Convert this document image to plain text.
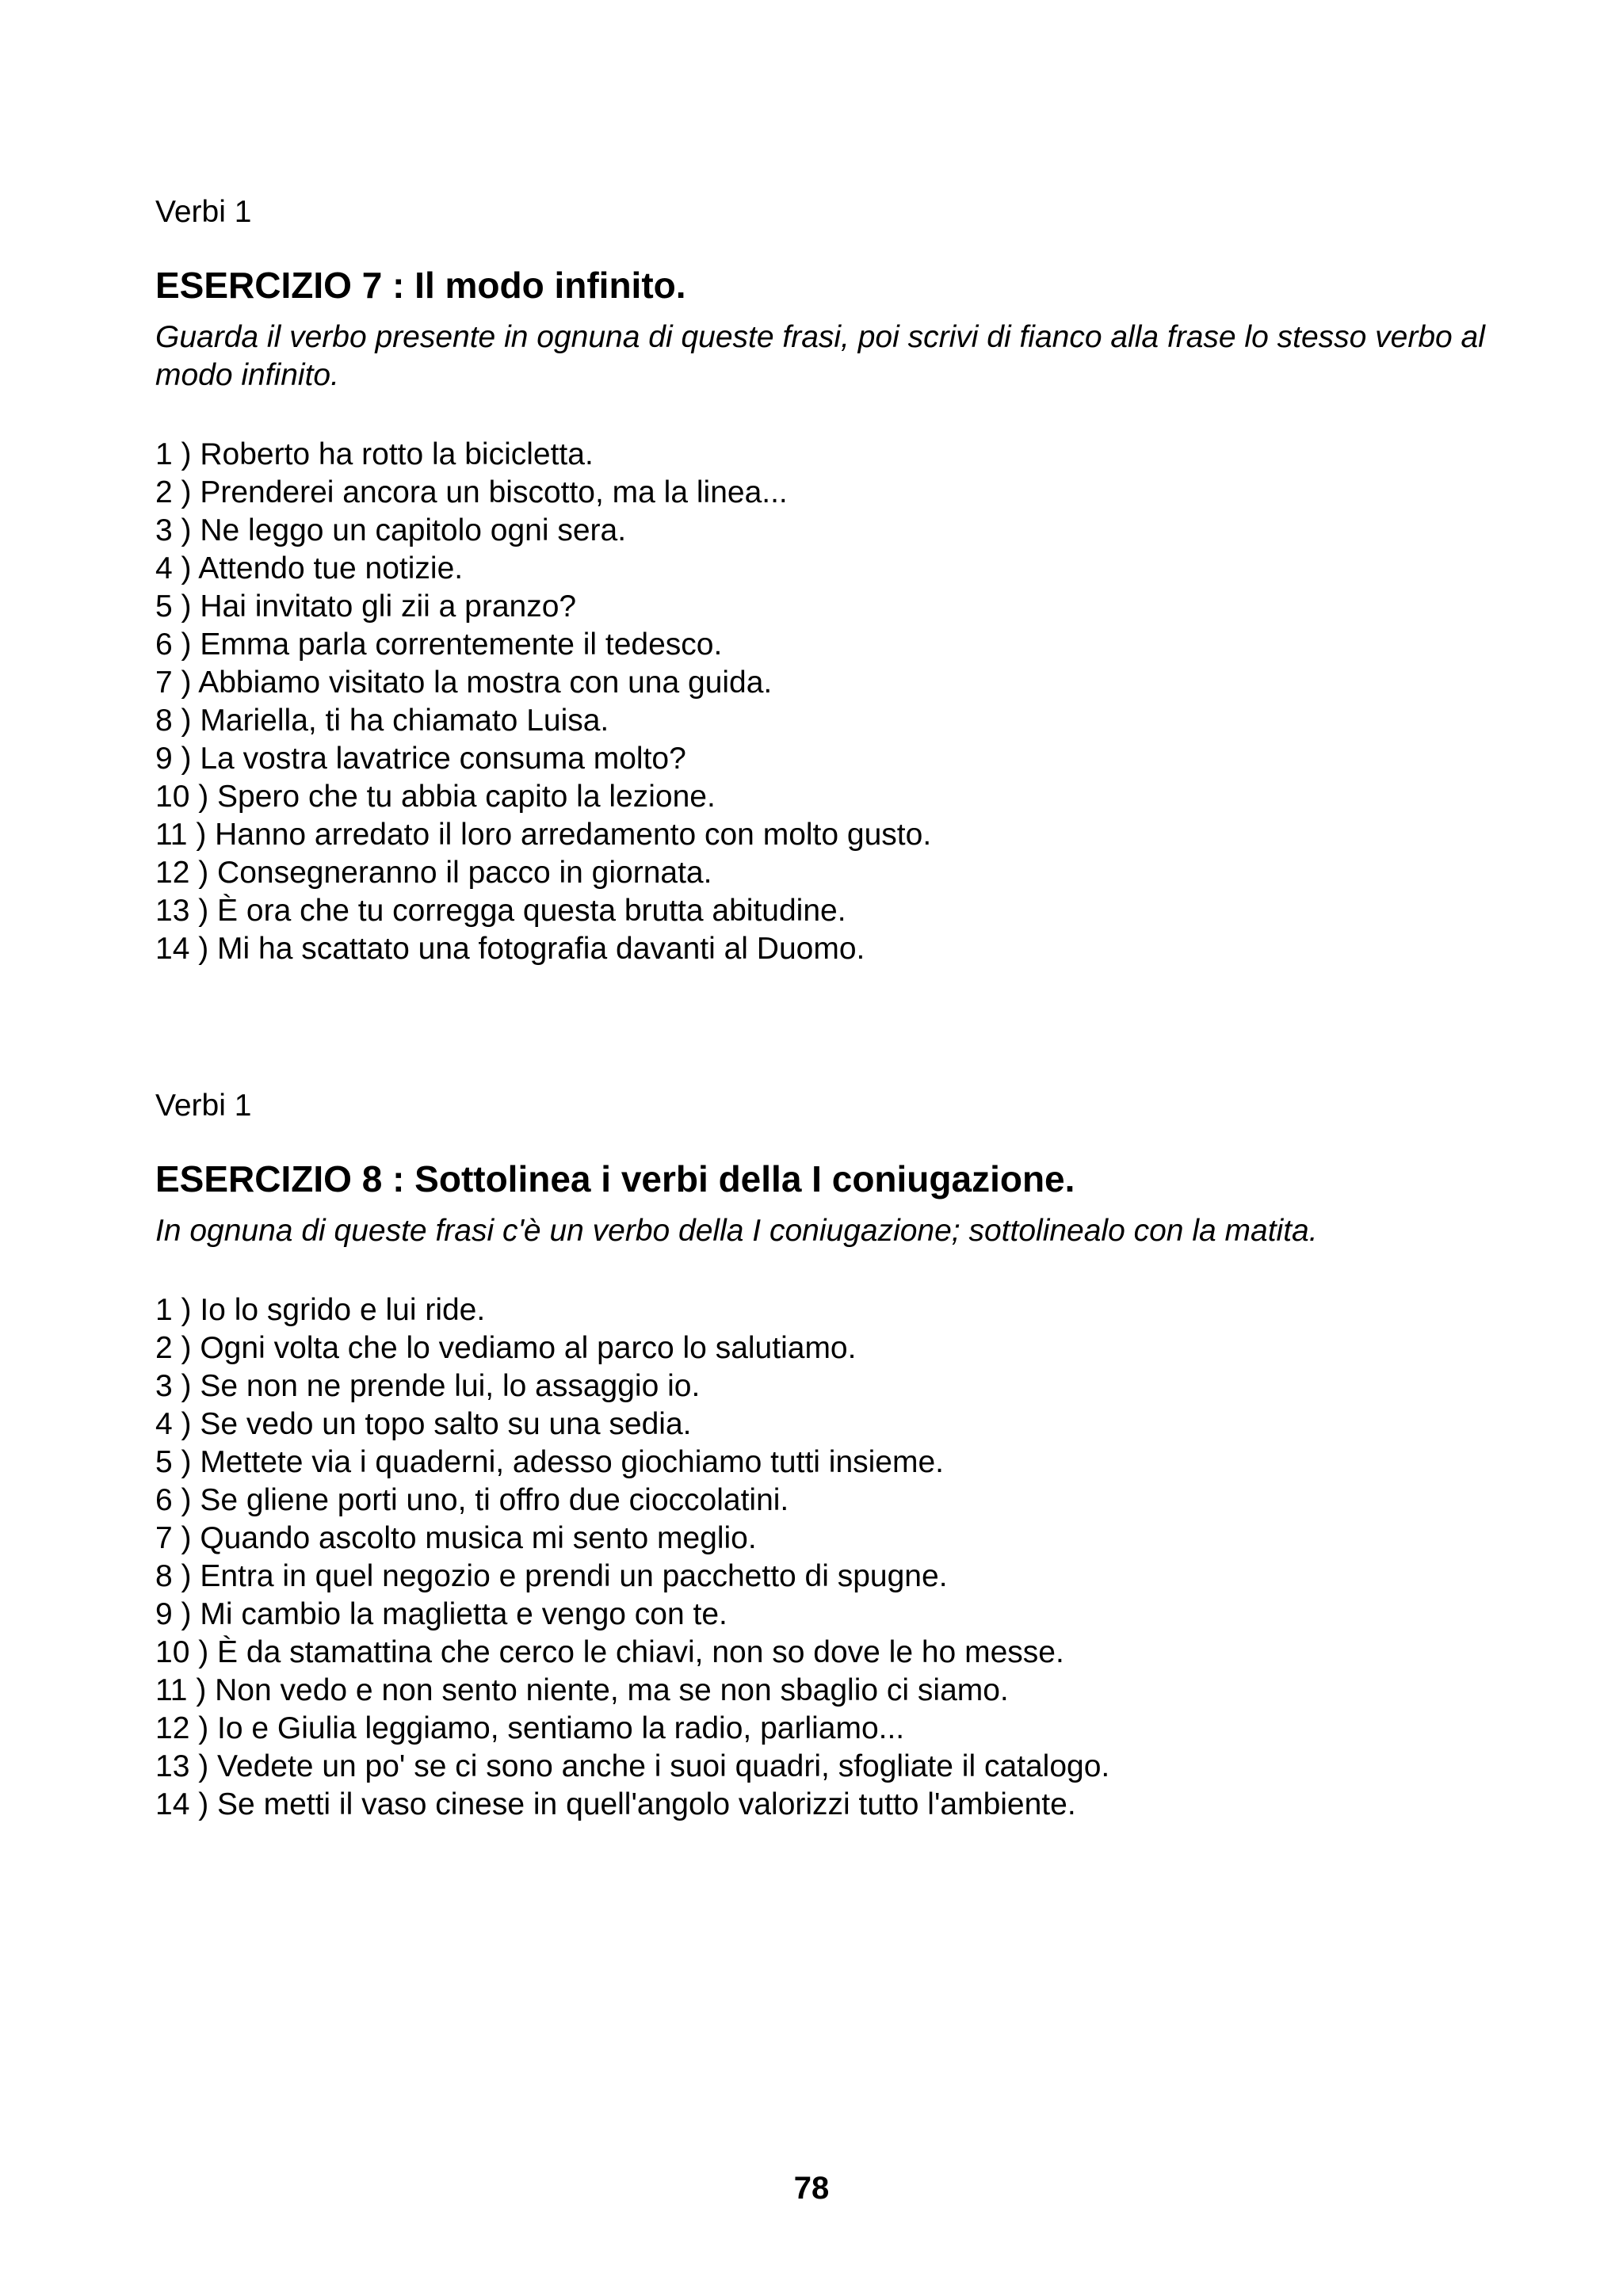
Verbi 1

ESERCIZIO 7 : Il modo infinito.

Guarda il verbo presente in ognuna di queste frasi, poi scrivi di fianco alla frase lo stesso verbo al modo infinito.

1 ) Roberto ha rotto la bicicletta.
2 ) Prenderei ancora un biscotto, ma la linea...
3 ) Ne leggo un capitolo ogni sera.
4 ) Attendo tue notizie.
5 ) Hai invitato gli zii a pranzo?
6 ) Emma parla correntemente il tedesco.
7 ) Abbiamo visitato la mostra con una guida.
8 ) Mariella, ti ha chiamato Luisa.
9 ) La vostra lavatrice consuma molto?
10 ) Spero che tu abbia capito la lezione.
11 ) Hanno arredato il loro arredamento con molto gusto.
12 ) Consegneranno il pacco in giornata.
13 ) È ora che tu corregga questa brutta abitudine.
14 ) Mi ha scattato una fotografia davanti al Duomo.

Verbi 1

ESERCIZIO 8 : Sottolinea i verbi della I coniugazione.

In ognuna di queste frasi c'è un verbo della I coniugazione; sottolinealo con la matita.

1 ) Io lo sgrido e lui ride.
2 ) Ogni volta che lo vediamo al parco lo salutiamo.
3 ) Se non ne prende lui, lo assaggio io.
4 ) Se vedo un topo salto su una sedia.
5 ) Mettete via i quaderni, adesso giochiamo tutti insieme.
6 ) Se gliene porti uno, ti offro due cioccolatini.
7 ) Quando ascolto musica mi sento meglio.
8 ) Entra in quel negozio e prendi un pacchetto di spugne.
9 ) Mi cambio la maglietta e vengo con te.
10 ) È da stamattina che cerco le chiavi, non so dove le ho messe.
11 ) Non vedo e non sento niente, ma se non sbaglio ci siamo.
12 ) Io e Giulia leggiamo, sentiamo la radio, parliamo...
13 ) Vedete un po' se ci sono anche i suoi quadri, sfogliate il catalogo.
14 ) Se metti il vaso cinese in quell'angolo valorizzi tutto l'ambiente.
78
